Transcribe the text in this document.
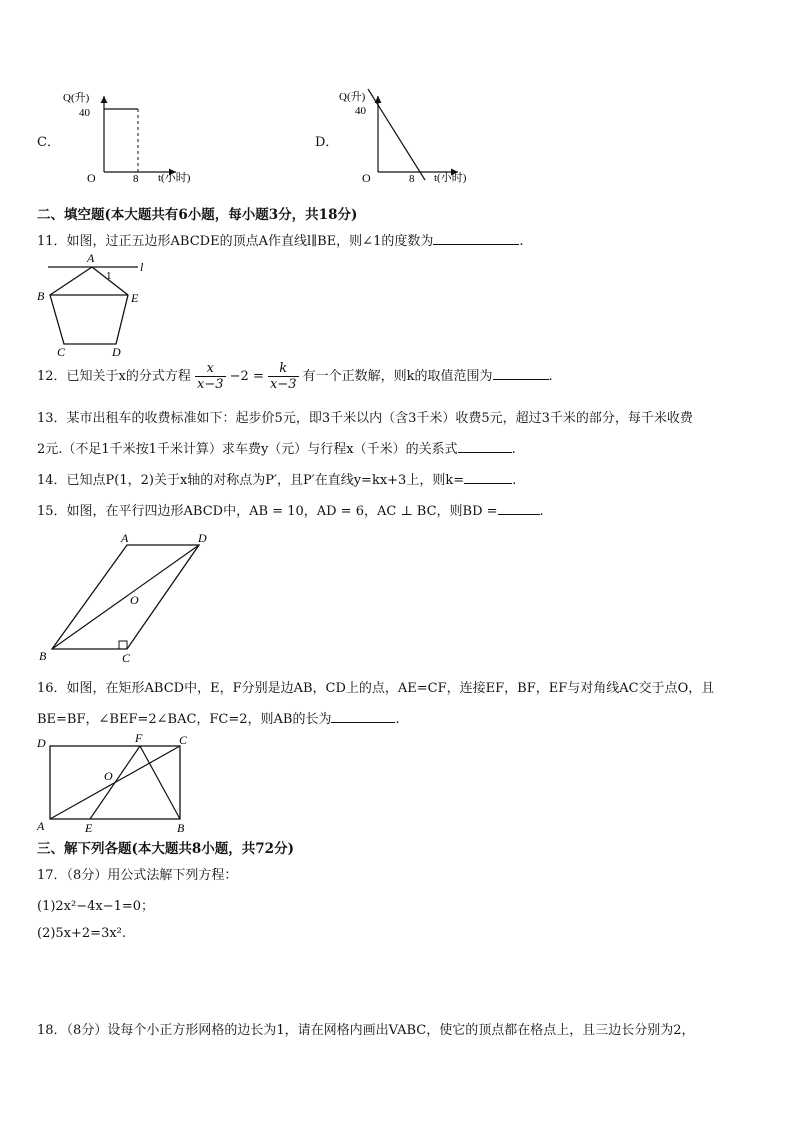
C．
Q(升)
40
O	8 t(小时)
D．
Q(升)
40
O	8 t(小时)
二、填空题(本大题共有6小题，每小题3分，共18分)
11．如图，过正五边形ABCDE的顶点A作直线l∥BE，则∠1的度数为	.
A
1
l
B	E
C	D
12．已知关于x的分式方程 $\frac{x}{x-3} -2 = \frac{k}{x-3}$ 有一个正数解，则k的取值范围为	.
13．某市出租车的收费标准如下：起步价5元，即3千米以内（含3千米）收费5元，超过3千米的部分，每千米收费
2元.（不足1千米按1千米计算）求车费y（元）与行程x（千米）的关系式	.
14．已知点P(1，2)关于x轴的对称点为P′，且P′在直线y=kx+3上，则k=	.
15．如图，在平行四边形ABCD中，AB = 10，AD = 6，AC ⊥ BC，则BD =	.
A	D
O
B	C
16．如图，在矩形ABCD中，E，F分别是边AB，CD上的点，AE=CF，连接EF，BF，EF与对角线AC交于点O，且
BE=BF，∠BEF=2∠BAC，FC=2，则AB的长为	.
D	F	C
O
A	E	B
三、解下列各题(本大题共8小题，共72分)
17．（8分）用公式法解下列方程：
(1)2x²−4x−1=0；
(2)5x+2=3x².
18．（8分）设每个小正方形网格的边长为1，请在网格内画出VABC，使它的顶点都在格点上，且三边长分别为2，
